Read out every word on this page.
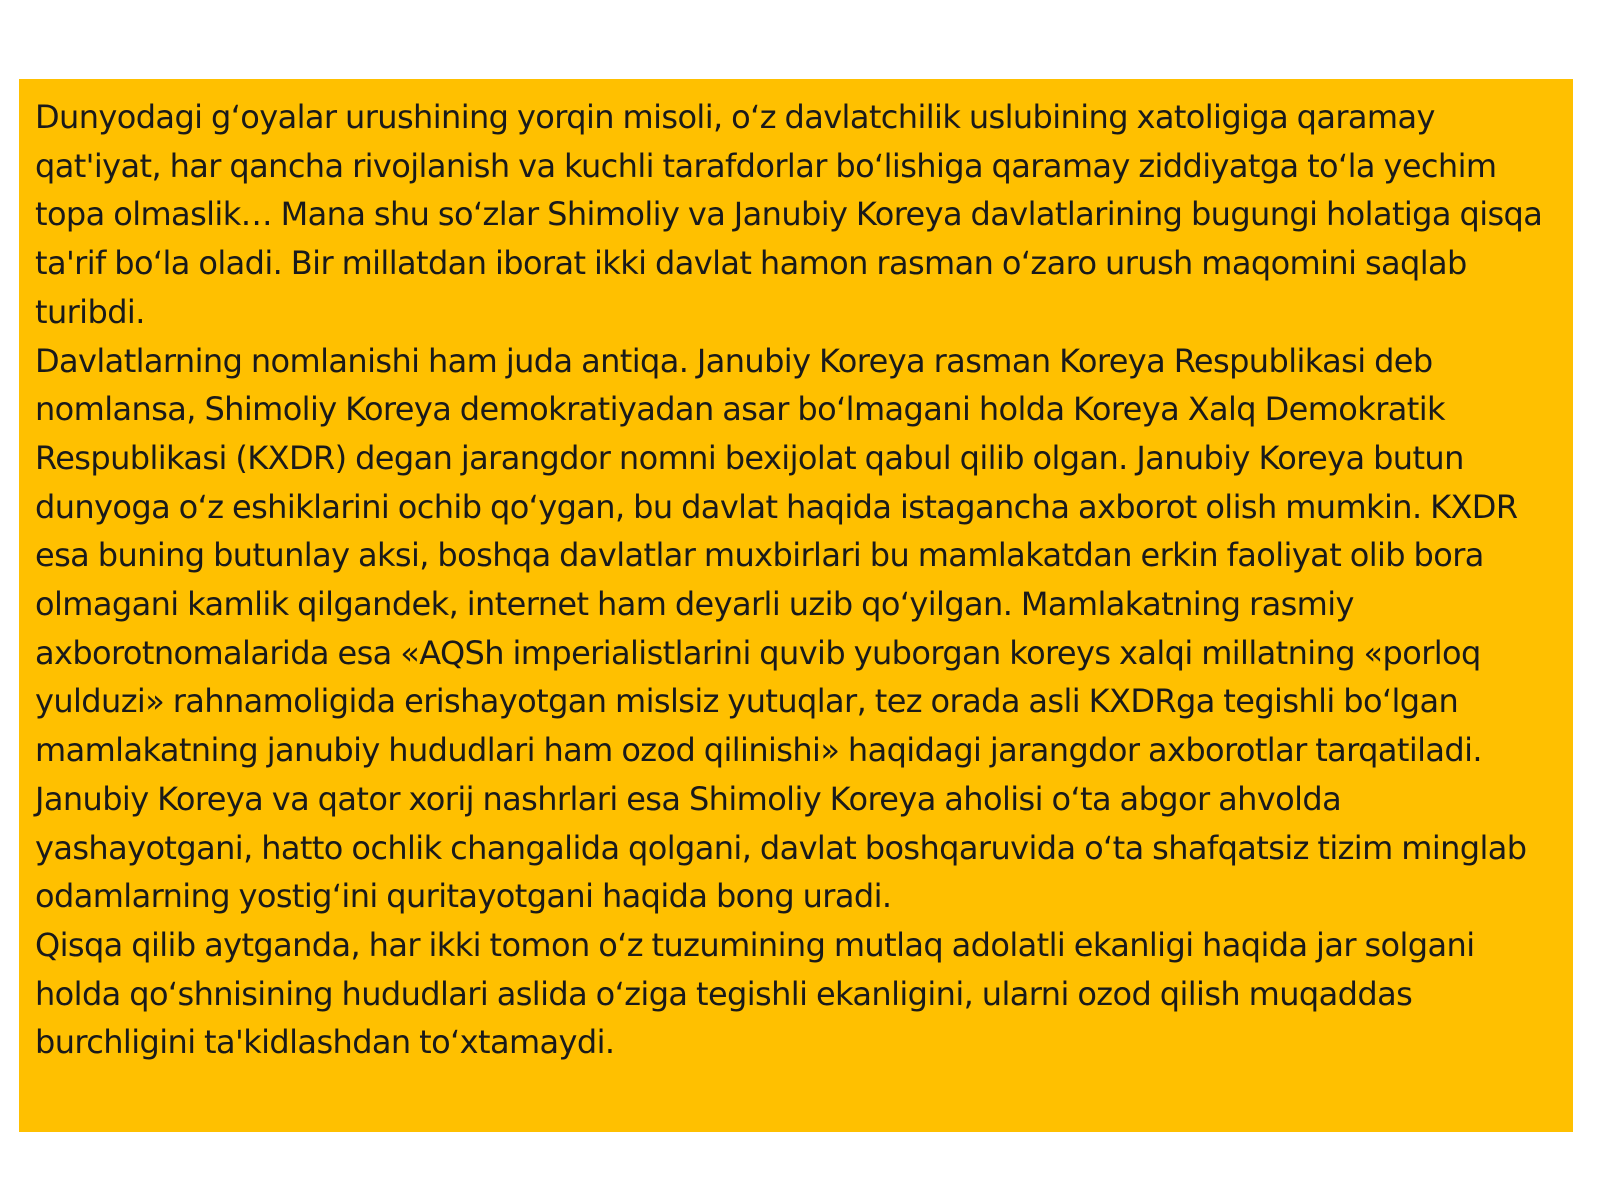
Dunyodagi g‘oyalar urushining yorqin misoli, o‘z davlatchilik uslubining xatoligiga qaramay qat'iyat, har qancha rivojlanish va kuchli tarafdorlar bo‘lishiga qaramay ziddiyatga to‘la yechim topa olmaslik… Mana shu so‘zlar Shimoliy va Janubiy Koreya davlatlarining bugungi holatiga qisqa ta'rif bo‘la oladi. Bir millatdan iborat ikki davlat hamon rasman o‘zaro urush maqomini saqlab turibdi.

Davlatlarning nomlanishi ham juda antiqa. Janubiy Koreya rasman Koreya Respublikasi deb nomlansa, Shimoliy Koreya demokratiyadan asar bo‘lmagani holda Koreya Xalq Demokratik Respublikasi (KXDR) degan jarangdor nomni bexijolat qabul qilib olgan. Janubiy Koreya butun dunyoga o‘z eshiklarini ochib qo‘ygan, bu davlat haqida istagancha axborot olish mumkin. KXDR esa buning butunlay aksi, boshqa davlatlar muxbirlari bu mamlakatdan erkin faoliyat olib bora olmagani kamlik qilgandek, internet ham deyarli uzib qo‘yilgan. Mamlakatning rasmiy axborotnomalarida esa «AQSh imperialistlarini quvib yuborgan koreys xalqi millatning «porloq yulduzi» rahnamoligida erishayotgan mislsiz yutuqlar, tez orada asli KXDRga tegishli bo‘lgan mamlakatning janubiy hududlari ham ozod qilinishi» haqidagi jarangdor axborotlar tarqatiladi.

Janubiy Koreya va qator xorij nashrlari esa Shimoliy Koreya aholisi o‘ta abgor ahvolda yashayotgani, hatto ochlik changalida qolgani, davlat boshqaruvida o‘ta shafqatsiz tizim minglab odamlarning yostig‘ini quritayotgani haqida bong uradi.

Qisqa qilib aytganda, har ikki tomon o‘z tuzumining mutlaq adolatli ekanligi haqida jar solgani holda qo‘shnisining hududlari aslida o‘ziga tegishli ekanligini, ularni ozod qilish muqaddas burchligini ta'kidlashdan to‘xtamaydi.
